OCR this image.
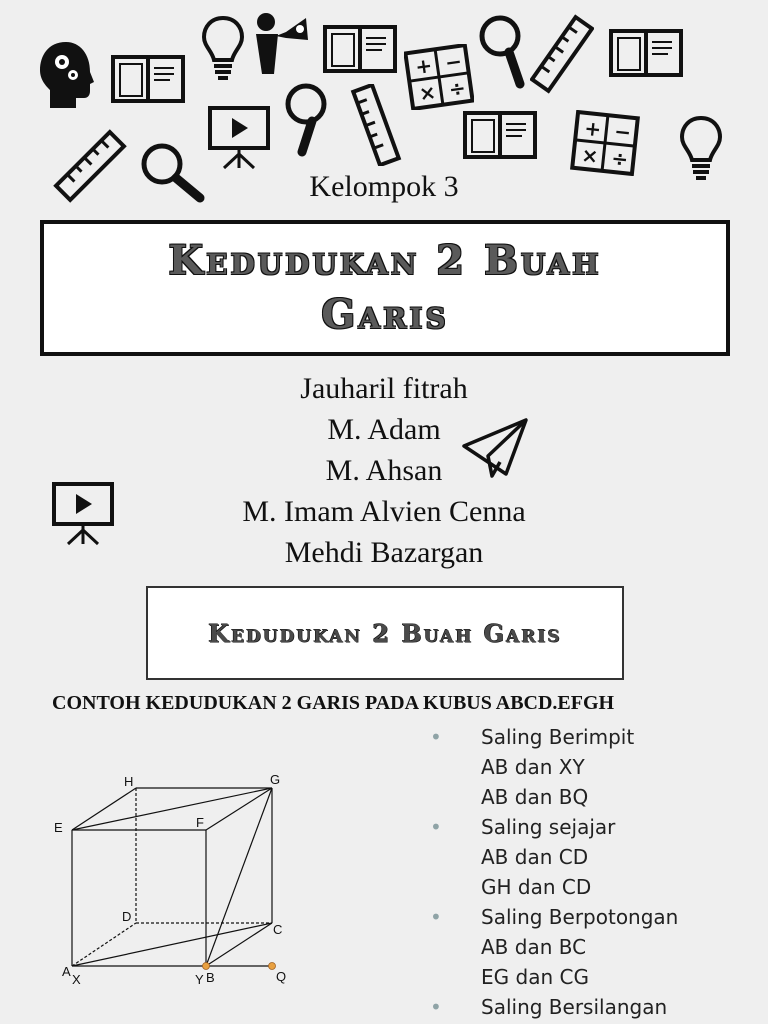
+ −
× ÷
+ −
× ÷
Kelompok 3
Kedudukan 2 Buah Garis
Jauharil fitrah
M. Adam
M. Ahsan
M. Imam Alvien Cenna
Mehdi Bazargan
Kedudukan 2 Buah Garis
CONTOH KEDUDUKAN 2 GARIS PADA KUBUS ABCD.EFGH
H	G
E	F
D
C
A
X	Y B	Q
• Saling Berimpit
AB dan XY
AB dan BQ
• Saling sejajar
AB dan CD
GH dan CD
• Saling Berpotongan
AB dan BC
EG dan CG
• Saling Bersilangan
